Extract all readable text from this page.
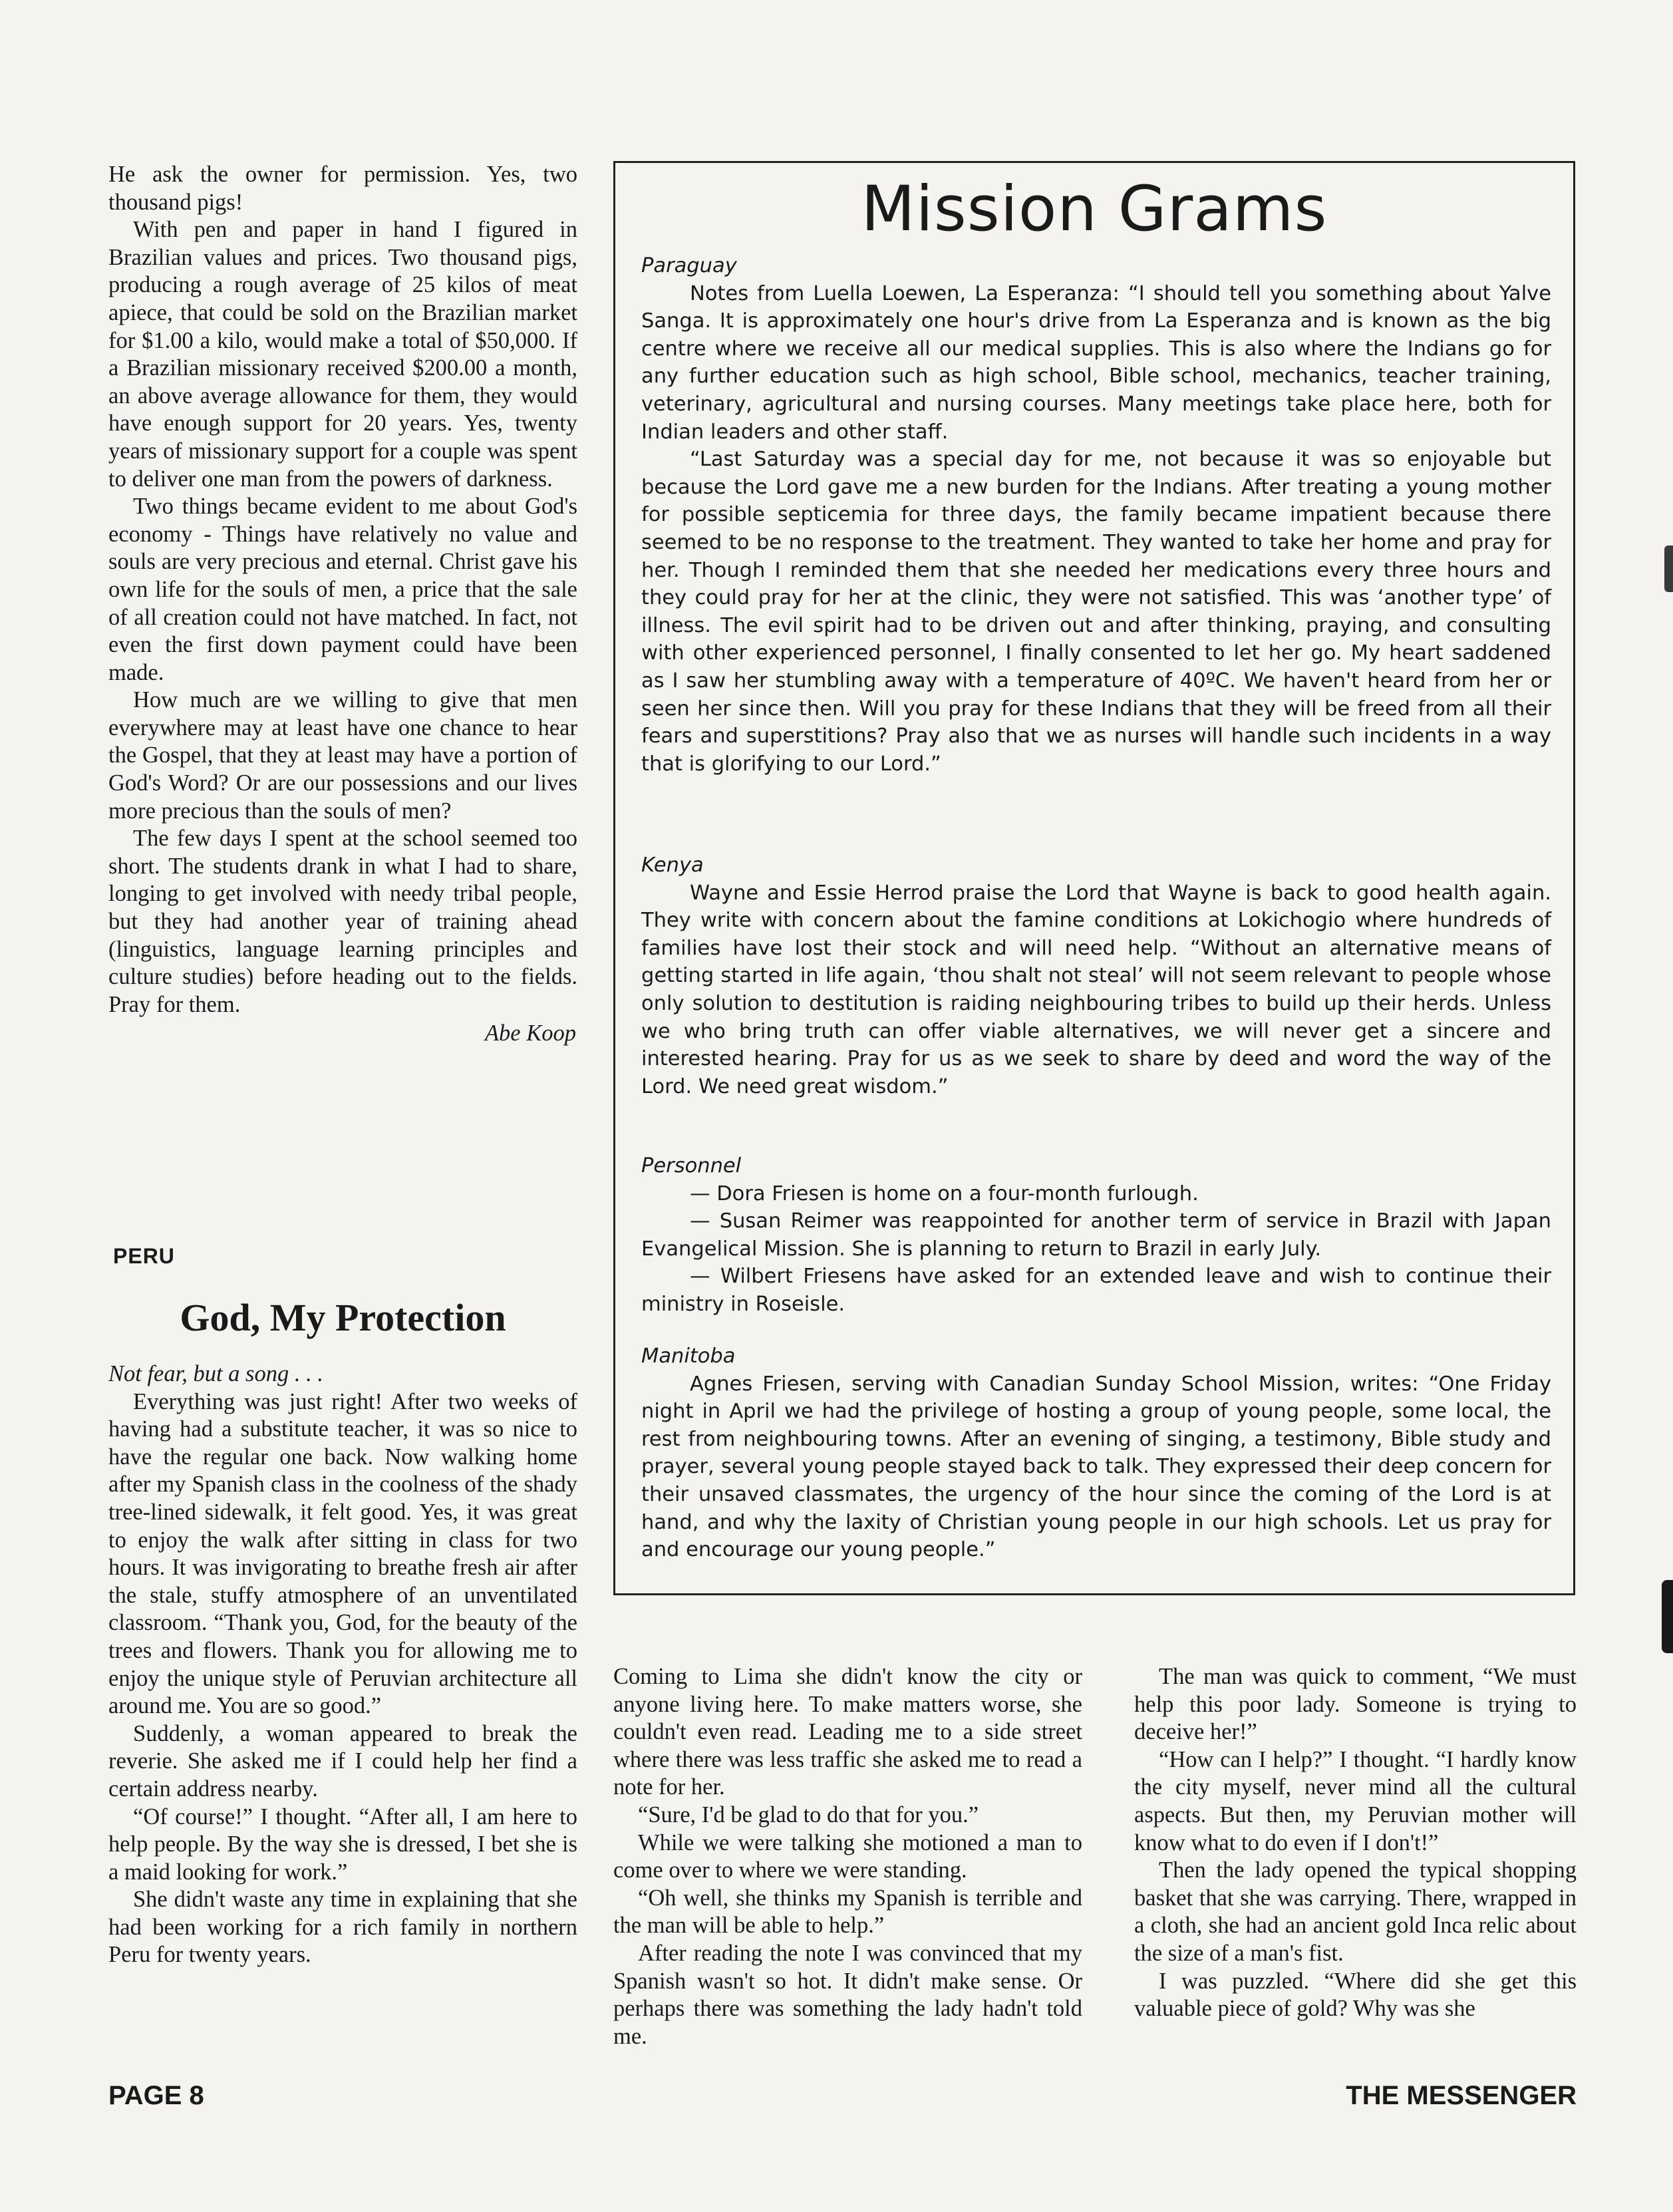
He ask the owner for permission. Yes, two thousand pigs!

With pen and paper in hand I figured in Brazilian values and prices. Two thousand pigs, producing a rough average of 25 kilos of meat apiece, that could be sold on the Brazilian market for $1.00 a kilo, would make a total of $50,000. If a Brazilian missionary received $200.00 a month, an above average allowance for them, they would have enough support for 20 years. Yes, twenty years of missionary support for a couple was spent to deliver one man from the powers of darkness.

Two things became evident to me about God's economy - Things have relatively no value and souls are very precious and eternal. Christ gave his own life for the souls of men, a price that the sale of all creation could not have matched. In fact, not even the first down payment could have been made.

How much are we willing to give that men everywhere may at least have one chance to hear the Gospel, that they at least may have a portion of God's Word? Or are our possessions and our lives more precious than the souls of men?

The few days I spent at the school seemed too short. The students drank in what I had to share, longing to get involved with needy tribal people, but they had another year of training ahead (linguistics, language learning principles and culture studies) before heading out to the fields. Pray for them.

Abe Koop
PERU
God, My Protection

Not fear, but a song . . .

Everything was just right! After two weeks of having had a substitute teacher, it was so nice to have the regular one back. Now walking home after my Spanish class in the coolness of the shady tree-lined sidewalk, it felt good. Yes, it was great to enjoy the walk after sitting in class for two hours. It was invigorating to breathe fresh air after the stale, stuffy atmosphere of an unventilated classroom. “Thank you, God, for the beauty of the trees and flowers. Thank you for allowing me to enjoy the unique style of Peruvian architecture all around me. You are so good.”

Suddenly, a woman appeared to break the reverie. She asked me if I could help her find a certain address nearby.

“Of course!” I thought. “After all, I am here to help people. By the way she is dressed, I bet she is a maid looking for work.”

She didn't waste any time in explaining that she had been working for a rich family in northern Peru for twenty years.

Coming to Lima she didn't know the city or anyone living here. To make matters worse, she couldn't even read. Leading me to a side street where there was less traffic she asked me to read a note for her.

“Sure, I'd be glad to do that for you.”

While we were talking she motioned a man to come over to where we were standing.

“Oh well, she thinks my Spanish is terrible and the man will be able to help.”

After reading the note I was convinced that my Spanish wasn't so hot. It didn't make sense. Or perhaps there was something the lady hadn't told me.

The man was quick to comment, “We must help this poor lady. Someone is trying to deceive her!”

“How can I help?” I thought. “I hardly know the city myself, never mind all the cultural aspects. But then, my Peruvian mother will know what to do even if I don't!”

Then the lady opened the typical shopping basket that she was carrying. There, wrapped in a cloth, she had an ancient gold Inca relic about the size of a man's fist.

I was puzzled. “Where did she get this valuable piece of gold? Why was she

Mission Grams

Paraguay

Notes from Luella Loewen, La Esperanza: “I should tell you something about Yalve Sanga. It is approximately one hour's drive from La Esperanza and is known as the big centre where we receive all our medical supplies. This is also where the Indians go for any further education such as high school, Bible school, mechanics, teacher training, veterinary, agricultural and nursing courses. Many meetings take place here, both for Indian leaders and other staff.

“Last Saturday was a special day for me, not because it was so enjoyable but because the Lord gave me a new burden for the Indians. After treating a young mother for possible septicemia for three days, the family became impatient because there seemed to be no response to the treatment. They wanted to take her home and pray for her. Though I reminded them that she needed her medications every three hours and they could pray for her at the clinic, they were not satisfied. This was ‘another type’ of illness. The evil spirit had to be driven out and after thinking, praying, and consulting with other experienced personnel, I finally consented to let her go. My heart saddened as I saw her stumbling away with a temperature of 40ºC. We haven't heard from her or seen her since then. Will you pray for these Indians that they will be freed from all their fears and superstitions? Pray also that we as nurses will handle such incidents in a way that is glorifying to our Lord.”

Kenya

Wayne and Essie Herrod praise the Lord that Wayne is back to good health again. They write with concern about the famine conditions at Lokichogio where hundreds of families have lost their stock and will need help. “Without an alternative means of getting started in life again, ‘thou shalt not steal’ will not seem relevant to people whose only solution to destitution is raiding neighbouring tribes to build up their herds. Unless we who bring truth can offer viable alternatives, we will never get a sincere and interested hearing. Pray for us as we seek to share by deed and word the way of the Lord. We need great wisdom.”

Personnel

— Dora Friesen is home on a four-month furlough.

— Susan Reimer was reappointed for another term of service in Brazil with Japan Evangelical Mission. She is planning to return to Brazil in early July.

— Wilbert Friesens have asked for an extended leave and wish to continue their ministry in Roseisle.

Manitoba

Agnes Friesen, serving with Canadian Sunday School Mission, writes: “One Friday night in April we had the privilege of hosting a group of young people, some local, the rest from neighbouring towns. After an evening of singing, a testimony, Bible study and prayer, several young people stayed back to talk. They expressed their deep concern for their unsaved classmates, the urgency of the hour since the coming of the Lord is at hand, and why the laxity of Christian young people in our high schools. Let us pray for and encourage our young people.”

PAGE 8	THE MESSENGER
